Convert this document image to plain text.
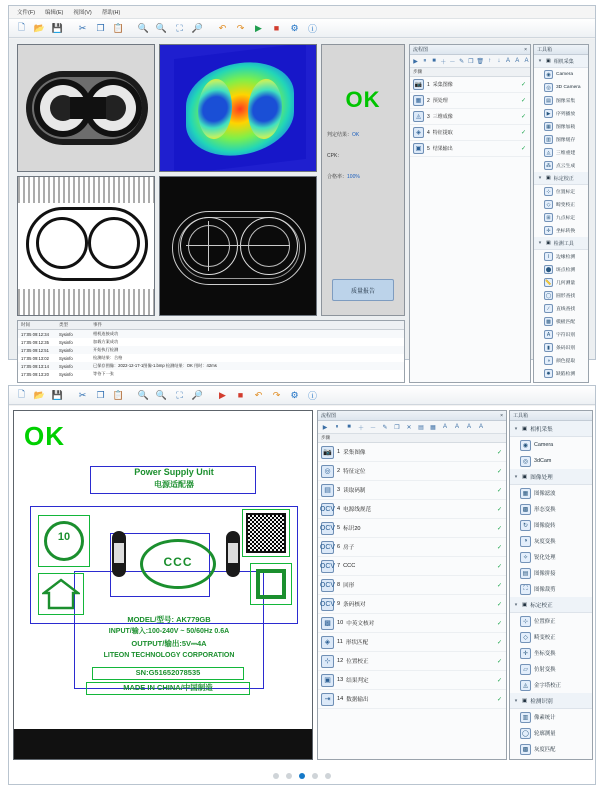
文件(F) 编辑(E) 视图(V) 帮助(H)
🗋 📂 💾	✂	❐ 📋 🔍 🔍	⛶	🔎	↶	↷	▶	■	⚙	ⓘ
OK
判定结果：OK
CPK：
合格率：100%
质量报告
时间	类型	事件
17:05 09:12:34	Sysinfo	相机连接成功
17:05 09:12:35	Sysinfo	加载方案成功
17:05 09:12:51	Sysinfo	开始执行检测
17:05 09:13:02	Sysinfo	检测结果：合格
17:05 09:13:14	Sysinfo	已保存图像：2022-12-17-1图像-1.bmp 检测结果：OK 用时：42ms
17:05 09:13:20	Sysinfo	等待下一张
流程图	×
▶ ⏸ ■ ＋ － ✎ ❐ 🗑 ↑	↓ A A A
步骤
📷 1 采集图像	✓
▦	2 预处理	✓
◬	3 三维成像	✓
◈	4 特征提取	✓
▣	5 结果输出	✓
工具箱
▾ ▣ 相机采集
◉	Camera
◎	3D Camera
▤	图像采集
▶	序列播放
▦	图像加载
▥	图像缓存
◬	三维重建
⁂	点云生成
▾ ▣ 标定校正
⊹	位置标定
◇	畸变校正
⊞	九点标定
✛	坐标转换
▾ ▣ 检测工具
⌇	边缘检测
⬤ 斑点检测
📏 几何测量
◯ 圆形查找
∕	直线查找
▩	模板匹配
A	字符识别
▮	条码识别
◑	颜色提取
✹	缺陷检测
🗋 📂 💾	✂	❐ 📋 🔍 🔍	⛶	🔎	▶	■	↶	↷	⚙	ⓘ
OK
Power Supply Unit
电源适配器
10
CCC
MODEL/型号: AK779GB
INPUT/输入:100-240V ~ 50/60Hz 0.6A
OUTPUT/输出:5V⎓4A
LITEON TECHNOLOGY CORPORATION
SN:G51652078535
MADE IN CHINA/中国制造
流程图	×
▶	⏸	■	＋ －	✎	❐	✕	▤	▦	A	A	A	A
步骤
📷 1 采集图像	✓
◎	2 特征定位	✓
▤	3 读取码制	✓
OCV 4 电源线规范	✓
OCV 5 标识20	✓
OCV 6 房子	✓
OCV 7 CCC	✓
OCV 8 回形	✓
OCV 9 条码核对	✓
▩	10 中英文核对	✓
◈	11 形状匹配	✓
⊹	12 位置校正	✓
▣	13 结果判定	✓
⇥	14 数据输出	✓
工具箱
▾ ▣ 相机采集
◉	Camera
◎	3dCam
▾ ▣ 图像处理
▦	图像滤波
▩	形态变换
↻	图像旋转
◑	灰度变换
✧	锐化处理
▤	图像拼接
⛶	图像裁剪
▾ ▣ 标定校正
⊹	位置修正
◇	畸变校正
✛	坐标变换
▱	仿射变换
◬	金字塔校正
▾ ▣ 检测识别
▥	像素统计
◯ 轮廓测量
▩	灰度匹配
